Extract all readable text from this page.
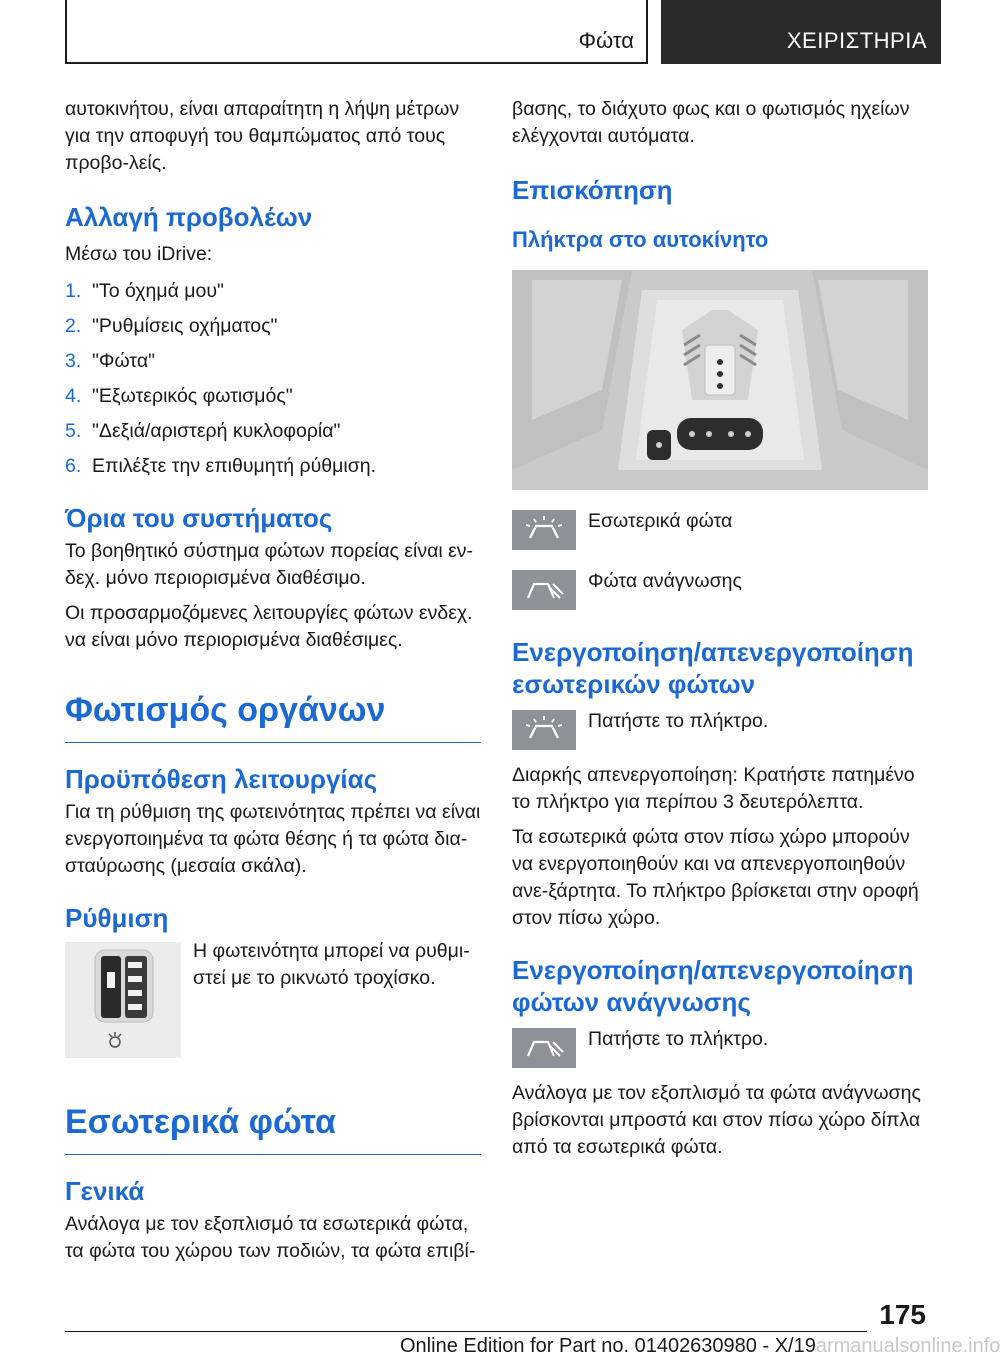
Φώτα	ΧΕΙΡΙΣΤΗΡΙΑ

αυτοκινήτου, είναι απαραίτητη η λήψη μέτρων για την αποφυγή του θαμπώματος από τους προβο-λείς.

Αλλαγή προβολέων

Μέσω του iDrive:

1. "Το όχημά μου"
2. "Ρυθμίσεις οχήματος"
3. "Φώτα"
4. "Εξωτερικός φωτισμός"
5. "Δεξιά/αριστερή κυκλοφορία"
6. Επιλέξτε την επιθυμητή ρύθμιση.
Όρια του συστήματος

Το βοηθητικό σύστημα φώτων πορείας είναι εν-δεχ. μόνο περιορισμένα διαθέσιμο.

Οι προσαρμοζόμενες λειτουργίες φώτων ενδεχ. να είναι μόνο περιορισμένα διαθέσιμες.

Φωτισμός οργάνων
Προϋπόθεση λειτουργίας

Για τη ρύθμιση της φωτεινότητας πρέπει να είναι ενεργοποιημένα τα φώτα θέσης ή τα φώτα δια-σταύρωσης (μεσαία σκάλα).

Ρύθμιση

Η φωτεινότητα μπορεί να ρυθμι-στεί με το ρικνωτό τροχίσκο.

Εσωτερικά φώτα
Γενικά

Ανάλογα με τον εξοπλισμό τα εσωτερικά φώτα, τα φώτα του χώρου των ποδιών, τα φώτα επιβί-

βασης, το διάχυτο φως και ο φωτισμός ηχείων ελέγχονται αυτόματα.

Επισκόπηση
Πλήκτρα στο αυτοκίνητο

Εσωτερικά φώτα

Φώτα ανάγνωσης

Ενεργοποίηση/απενεργοποίηση εσωτερικών φώτων

Πατήστε το πλήκτρο.

Διαρκής απενεργοποίηση: Κρατήστε πατημένο το πλήκτρο για περίπου 3 δευτερόλεπτα.

Τα εσωτερικά φώτα στον πίσω χώρο μπορούν να ενεργοποιηθούν και να απενεργοποιηθούν ανε-ξάρτητα. Το πλήκτρο βρίσκεται στην οροφή στον πίσω χώρο.

Ενεργοποίηση/απενεργοποίηση φώτων ανάγνωσης

Πατήστε το πλήκτρο.

Ανάλογα με τον εξοπλισμό τα φώτα ανάγνωσης βρίσκονται μπροστά και στον πίσω χώρο δίπλα από τα εσωτερικά φώτα.

175
Online Edition for Part no. 01402630980 - X/19armanualsonline.info
